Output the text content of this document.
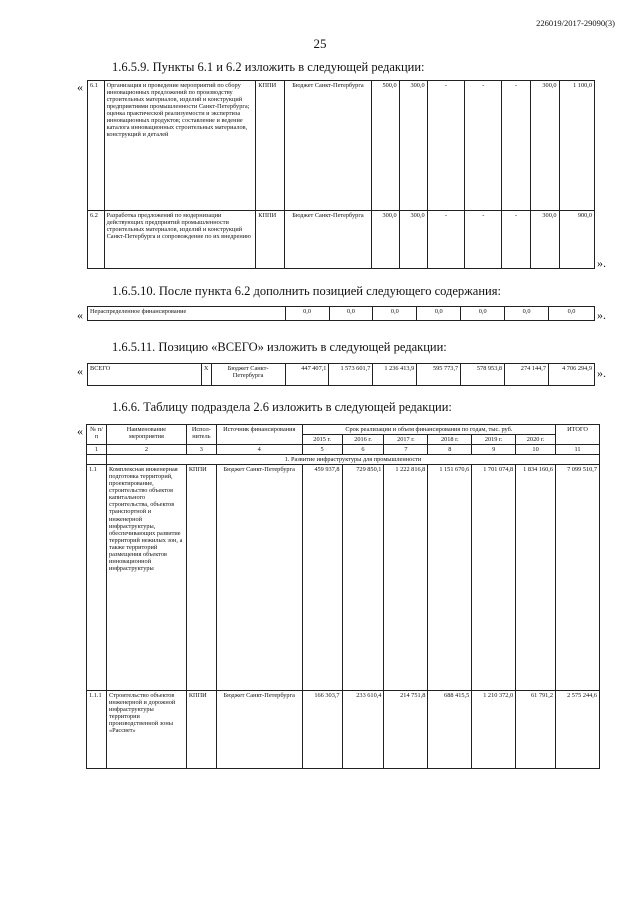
226019/2017-29090(3)
25
1.6.5.9. Пункты 6.1 и 6.2 изложить в следующей редакции:
« 6.1	Организация и проведение мероприятий по сбору инновационных предложений по производству строительных материалов, изделий и конструкций предприятиями промышленности Санкт-Петербурга; оценка практической реализуемости и экспертиза инновационных продуктов; составление и ведение каталога инновационных строительных материалов, конструкций и деталей	КППИ	Бюджет Санкт-Петербурга	500,0	300,0	-	-	-	300,0	1 100,0
6.2	Разработка предложений по модернизации действующих предприятий промышленности строительных материалов, изделий и конструкций Санкт-Петербурга и сопровождение по их внедрению	КППИ	Бюджет Санкт-Петербурга	300,0	300,0	-	-	-	300,0	900,0
».
1.6.5.10. После пункта 6.2 дополнить позицией следующего содержания:
« Нераспределенное финансирование	0,0	0,0	0,0	0,0	0,0	0,0	0,0 ».
1.6.5.11. Позицию «ВСЕГО» изложить в следующей редакции:
« ВСЕГО	Х	Бюджет Санкт-Петербурга	447 407,1	1 573 601,7	1 236 413,9	595 773,7	578 953,8	274 144,7	4 706 294,9 ».
1.6.6. Таблицу подраздела 2.6 изложить в следующей редакции:
« № п/п	Наименование мероприятия	Испол-нитель	Источник финансирования	Срок реализации и объем финансирования по годам, тыс. руб.						ИТОГО
				2015 г.	2016 г.	2017 г.	2018 г.	2019 г.	2020 г.	
1	2	3	4	5	6	7	8	9	10	11
	1. Развитие инфраструктуры для промышленности									
1.1	Комплексная инженерная подготовка территорий, проектирование, строительство объектов капитального строительства, объектов транспортной и инженерной инфраструктуры, обеспечивающих развитие территорий нежилых зон, а также территорий размещения объектов инновационной инфраструктуры	КППИ	Бюджет Санкт-Петербурга	459 937,8	729 850,1	1 222 816,8	1 151 670,6	1 701 074,8	1 834 160,6	7 099 510,7
1.1.1	Строительство объектов инженерной и дорожной инфраструктуры территории производственной зоны «Рассвет»	КППИ	Бюджет Санкт-Петербурга	166 303,7	233 610,4	214 751,8	688 415,5	1 210 372,0	61 791,2	2 575 244,6
